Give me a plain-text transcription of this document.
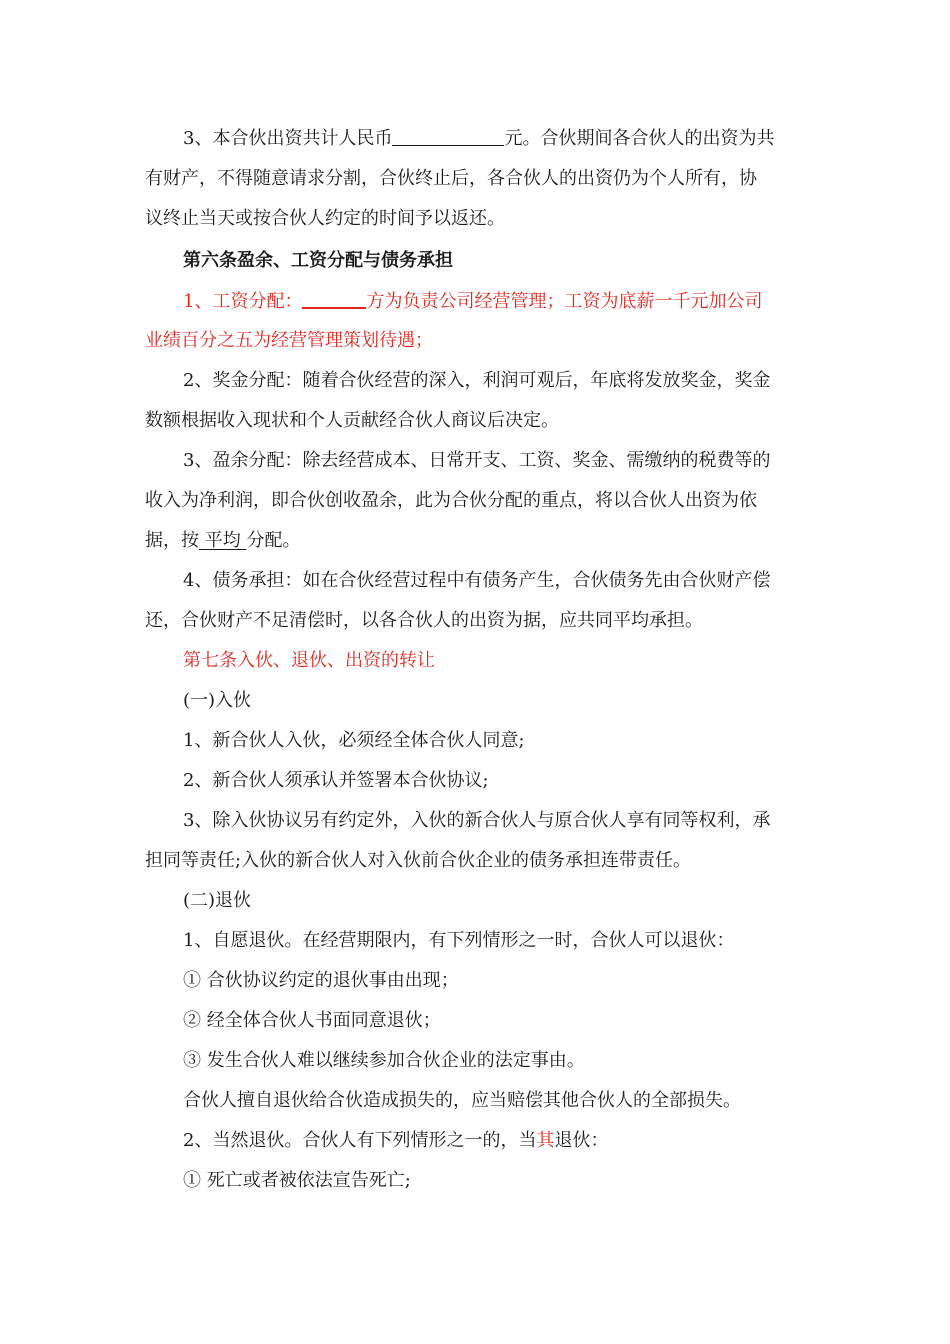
3、本合伙出资共计人民币	元。合伙期间各合伙人的出资为共
有财产，不得随意请求分割，合伙终止后，各合伙人的出资仍为个人所有，协
议终止当天或按合伙人约定的时间予以返还。
第六条盈余、工资分配与债务承担
1、工资分配：	方为负责公司经营管理；工资为底薪一千元加公司
业绩百分之五为经营管理策划待遇；
2、奖金分配：随着合伙经营的深入，利润可观后，年底将发放奖金，奖金
数额根据收入现状和个人贡献经合伙人商议后决定。
3、盈余分配：除去经营成本、日常开支、工资、奖金、需缴纳的税费等的
收入为净利润，即合伙创收盈余，此为合伙分配的重点，将以合伙人出资为依
据，按 平均 分配。
4、债务承担：如在合伙经营过程中有债务产生，合伙债务先由合伙财产偿
还，合伙财产不足清偿时，以各合伙人的出资为据，应共同平均承担。
第七条入伙、退伙、出资的转让
(一)入伙
1、新合伙人入伙，必须经全体合伙人同意;
2、新合伙人须承认并签署本合伙协议;
3、除入伙协议另有约定外，入伙的新合伙人与原合伙人享有同等权利，承
担同等责任;入伙的新合伙人对入伙前合伙企业的债务承担连带责任。
(二)退伙
1、自愿退伙。在经营期限内，有下列情形之一时，合伙人可以退伙：
① 合伙协议约定的退伙事由出现；
② 经全体合伙人书面同意退伙；
③ 发生合伙人难以继续参加合伙企业的法定事由。
合伙人擅自退伙给合伙造成损失的，应当赔偿其他合伙人的全部损失。
2、当然退伙。合伙人有下列情形之一的，当其退伙：
① 死亡或者被依法宣告死亡;
